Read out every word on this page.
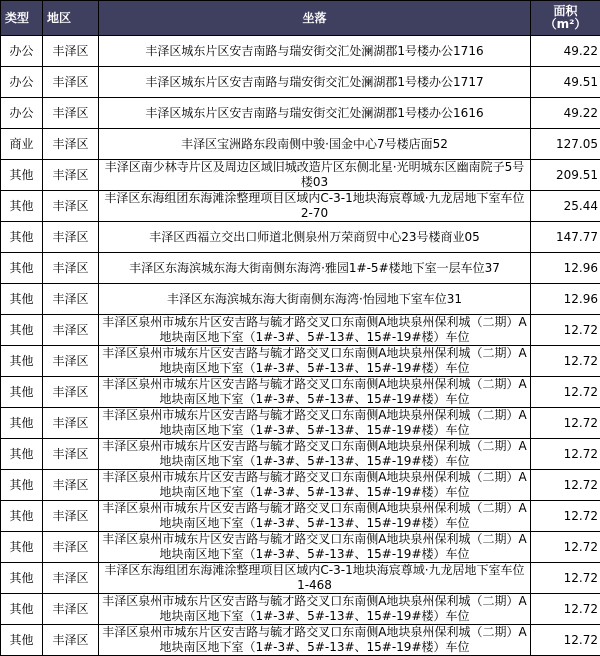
类型	地区	坐落	面积
（m²）

办公	丰泽区	丰泽区城东片区安吉南路与瑞安街交汇处澜湖郡1号楼办公1716	49.22
办公	丰泽区	丰泽区城东片区安吉南路与瑞安街交汇处澜湖郡1号楼办公1717	49.51
办公	丰泽区	丰泽区城东片区安吉南路与瑞安街交汇处澜湖郡1号楼办公1616	49.22
商业	丰泽区	丰泽区宝洲路东段南侧中骏·国金中心7号楼店面52	127.05
其他	丰泽区	丰泽区南少林寺片区及周边区域旧城改造片区东侧北星·光明城东区幽南院子5号楼03	209.51
其他	丰泽区	丰泽区东海组团东海滩涂整理项目区域内C-3-1地块海宸尊域·九龙居地下室车位2-70	25.44
其他	丰泽区	丰泽区西福立交出口师道北侧泉州万荣商贸中心23号楼商业05	147.77
其他	丰泽区	丰泽区东海滨城东海大街南侧东海湾·雅园1#-5#楼地下室一层车位37	12.96
其他	丰泽区	丰泽区东海滨城东海大街南侧东海湾·怡园地下室车位31	12.96
其他	丰泽区	丰泽区泉州市城东片区安吉路与毓才路交叉口东南侧A地块泉州保利城（二期）A地块南区地下室（1#-3#、5#-13#、15#-19#楼）车位	12.72
其他	丰泽区	丰泽区泉州市城东片区安吉路与毓才路交叉口东南侧A地块泉州保利城（二期）A地块南区地下室（1#-3#、5#-13#、15#-19#楼）车位	12.72
其他	丰泽区	丰泽区泉州市城东片区安吉路与毓才路交叉口东南侧A地块泉州保利城（二期）A地块南区地下室（1#-3#、5#-13#、15#-19#楼）车位	12.72
其他	丰泽区	丰泽区泉州市城东片区安吉路与毓才路交叉口东南侧A地块泉州保利城（二期）A地块南区地下室（1#-3#、5#-13#、15#-19#楼）车位	12.72
其他	丰泽区	丰泽区泉州市城东片区安吉路与毓才路交叉口东南侧A地块泉州保利城（二期）A地块南区地下室（1#-3#、5#-13#、15#-19#楼）车位	12.72
其他	丰泽区	丰泽区泉州市城东片区安吉路与毓才路交叉口东南侧A地块泉州保利城（二期）A地块南区地下室（1#-3#、5#-13#、15#-19#楼）车位	12.72
其他	丰泽区	丰泽区泉州市城东片区安吉路与毓才路交叉口东南侧A地块泉州保利城（二期）A地块南区地下室（1#-3#、5#-13#、15#-19#楼）车位	12.72
其他	丰泽区	丰泽区泉州市城东片区安吉路与毓才路交叉口东南侧A地块泉州保利城（二期）A地块南区地下室（1#-3#、5#-13#、15#-19#楼）车位	12.72
其他	丰泽区	丰泽区东海组团东海滩涂整理项目区域内C-3-1地块海宸尊域·九龙居地下室车位1-468	12.72
其他	丰泽区	丰泽区泉州市城东片区安吉路与毓才路交叉口东南侧A地块泉州保利城（二期）A地块南区地下室（1#-3#、5#-13#、15#-19#楼）车位	12.72
其他	丰泽区	丰泽区泉州市城东片区安吉路与毓才路交叉口东南侧A地块泉州保利城（二期）A地块南区地下室（1#-3#、5#-13#、15#-19#楼）车位	12.72
